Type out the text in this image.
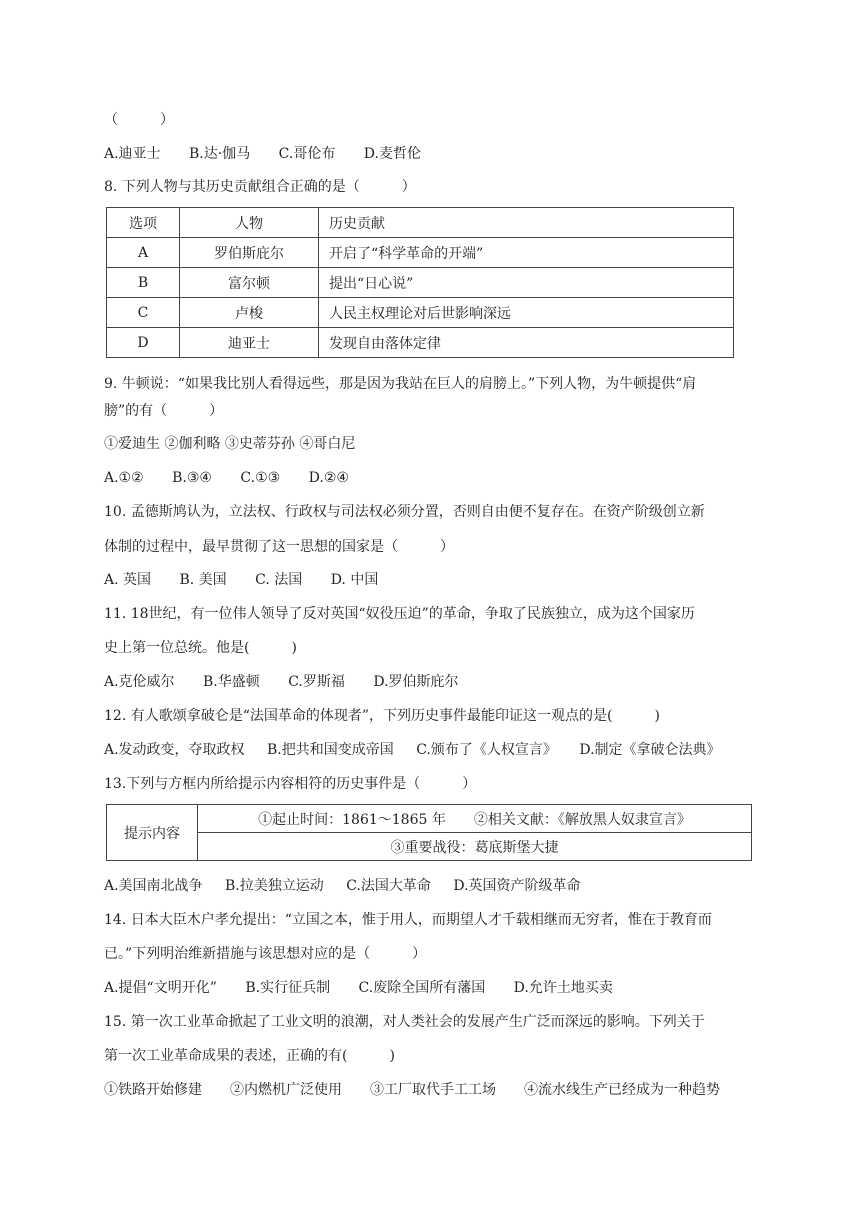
（　　　）
A.迪亚士 B.达·伽马 C.哥伦布 D.麦哲伦
8. 下列人物与其历史贡献组合正确的是（　　　）
选项	人物	历史贡献
A	罗伯斯庇尔	开启了“科学革命的开端”
B	富尔顿	提出“日心说”
C	卢梭	人民主权理论对后世影响深远
D	迪亚士	发现自由落体定律
9. 牛顿说：“如果我比别人看得远些，那是因为我站在巨人的肩膀上。”下列人物，为牛顿提供“肩
膀”的有（　　　）
①爱迪生 ②伽利略 ③史蒂芬孙 ④哥白尼
A.①② B.③④ C.①③ D.②④
10. 孟德斯鸠认为，立法权、行政权与司法权必须分置，否则自由便不复存在。在资产阶级创立新
体制的过程中，最早贯彻了这一思想的国家是（　　　）
A. 英国 B. 美国 C. 法国 D. 中国
11. 18世纪，有一位伟人领导了反对英国“奴役压迫”的革命，争取了民族独立，成为这个国家历
史上第一位总统。他是(　　　)
A.克伦威尔 B.华盛顿 C.罗斯福 D.罗伯斯庇尔
12. 有人歌颂拿破仑是“法国革命的体现者”，下列历史事件最能印证这一观点的是(　　　)
A.发动政变，夺取政权 B.把共和国变成帝国 C.颁布了《人权宣言》 D.制定《拿破仑法典》
13.下列与方框内所给提示内容相符的历史事件是（　　　）
提示内容	①起止时间：1861～1865 年　　②相关文献：《解放黑人奴隶宣言》
③重要战役：葛底斯堡大捷
A.美国南北战争 B.拉美独立运动 C.法国大革命 D.英国资产阶级革命
14. 日本大臣木户孝允提出：“立国之本，惟于用人，而期望人才千载相继而无穷者，惟在于教育而
已。”下列明治维新措施与该思想对应的是（　　　）
A.提倡“文明开化” B.实行征兵制 C.废除全国所有藩国 D.允许土地买卖
15. 第一次工业革命掀起了工业文明的浪潮，对人类社会的发展产生广泛而深远的影响。下列关于
第一次工业革命成果的表述，正确的有(　　　)
①铁路开始修建　　②内燃机广泛使用　　③工厂取代手工工场　　④流水线生产已经成为一种趋势
